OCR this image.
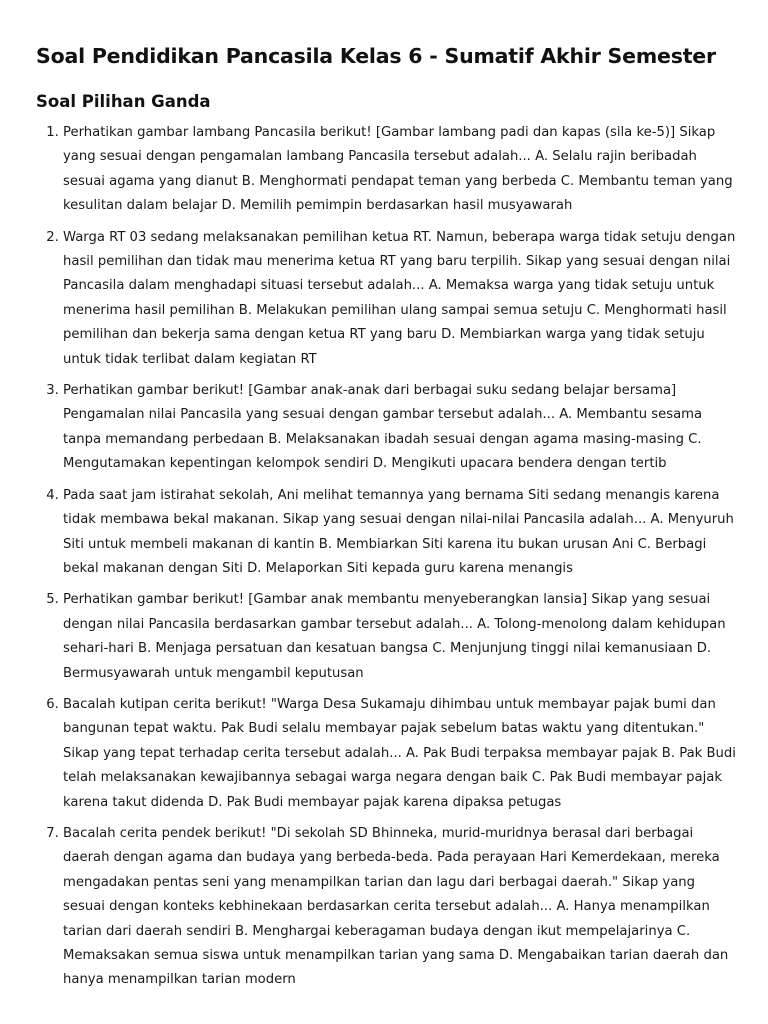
Soal Pendidikan Pancasila Kelas 6 - Sumatif Akhir Semester
Soal Pilihan Ganda
1. Perhatikan gambar lambang Pancasila berikut! [Gambar lambang padi dan kapas (sila ke-5)] Sikap yang sesuai dengan pengamalan lambang Pancasila tersebut adalah... A. Selalu rajin beribadah sesuai agama yang dianut B. Menghormati pendapat teman yang berbeda C. Membantu teman yang kesulitan dalam belajar D. Memilih pemimpin berdasarkan hasil musyawarah
2. Warga RT 03 sedang melaksanakan pemilihan ketua RT. Namun, beberapa warga tidak setuju dengan hasil pemilihan dan tidak mau menerima ketua RT yang baru terpilih. Sikap yang sesuai dengan nilai Pancasila dalam menghadapi situasi tersebut adalah... A. Memaksa warga yang tidak setuju untuk menerima hasil pemilihan B. Melakukan pemilihan ulang sampai semua setuju C. Menghormati hasil pemilihan dan bekerja sama dengan ketua RT yang baru D. Membiarkan warga yang tidak setuju untuk tidak terlibat dalam kegiatan RT
3. Perhatikan gambar berikut! [Gambar anak-anak dari berbagai suku sedang belajar bersama] Pengamalan nilai Pancasila yang sesuai dengan gambar tersebut adalah... A. Membantu sesama tanpa memandang perbedaan B. Melaksanakan ibadah sesuai dengan agama masing-masing C. Mengutamakan kepentingan kelompok sendiri D. Mengikuti upacara bendera dengan tertib
4. Pada saat jam istirahat sekolah, Ani melihat temannya yang bernama Siti sedang menangis karena tidak membawa bekal makanan. Sikap yang sesuai dengan nilai-nilai Pancasila adalah... A. Menyuruh Siti untuk membeli makanan di kantin B. Membiarkan Siti karena itu bukan urusan Ani C. Berbagi bekal makanan dengan Siti D. Melaporkan Siti kepada guru karena menangis
5. Perhatikan gambar berikut! [Gambar anak membantu menyeberangkan lansia] Sikap yang sesuai dengan nilai Pancasila berdasarkan gambar tersebut adalah... A. Tolong-menolong dalam kehidupan sehari-hari B. Menjaga persatuan dan kesatuan bangsa C. Menjunjung tinggi nilai kemanusiaan D. Bermusyawarah untuk mengambil keputusan
6. Bacalah kutipan cerita berikut! "Warga Desa Sukamaju dihimbau untuk membayar pajak bumi dan bangunan tepat waktu. Pak Budi selalu membayar pajak sebelum batas waktu yang ditentukan." Sikap yang tepat terhadap cerita tersebut adalah... A. Pak Budi terpaksa membayar pajak B. Pak Budi telah melaksanakan kewajibannya sebagai warga negara dengan baik C. Pak Budi membayar pajak karena takut didenda D. Pak Budi membayar pajak karena dipaksa petugas
7. Bacalah cerita pendek berikut! "Di sekolah SD Bhinneka, murid-muridnya berasal dari berbagai daerah dengan agama dan budaya yang berbeda-beda. Pada perayaan Hari Kemerdekaan, mereka mengadakan pentas seni yang menampilkan tarian dan lagu dari berbagai daerah." Sikap yang sesuai dengan konteks kebhinekaan berdasarkan cerita tersebut adalah... A. Hanya menampilkan tarian dari daerah sendiri B. Menghargai keberagaman budaya dengan ikut mempelajarinya C. Memaksakan semua siswa untuk menampilkan tarian yang sama D. Mengabaikan tarian daerah dan hanya menampilkan tarian modern
